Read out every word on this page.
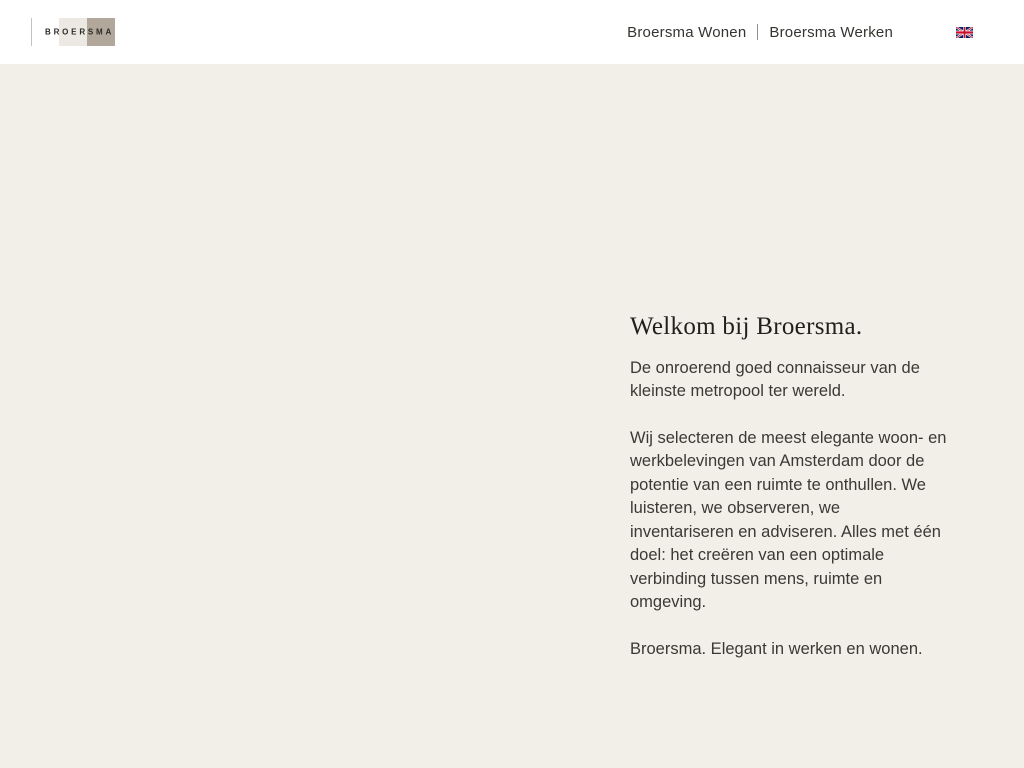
BROERSMA	Broersma Wonen Broersma Werken
Welkom bij Broersma.

De onroerend goed connaisseur van de kleinste metropool ter wereld.

Wij selecteren de meest elegante woon- en werkbelevingen van Amsterdam door de potentie van een ruimte te onthullen. We luisteren, we observeren, we inventariseren en adviseren. Alles met één doel: het creëren van een optimale verbinding tussen mens, ruimte en omgeving.

Broersma. Elegant in werken en wonen.
